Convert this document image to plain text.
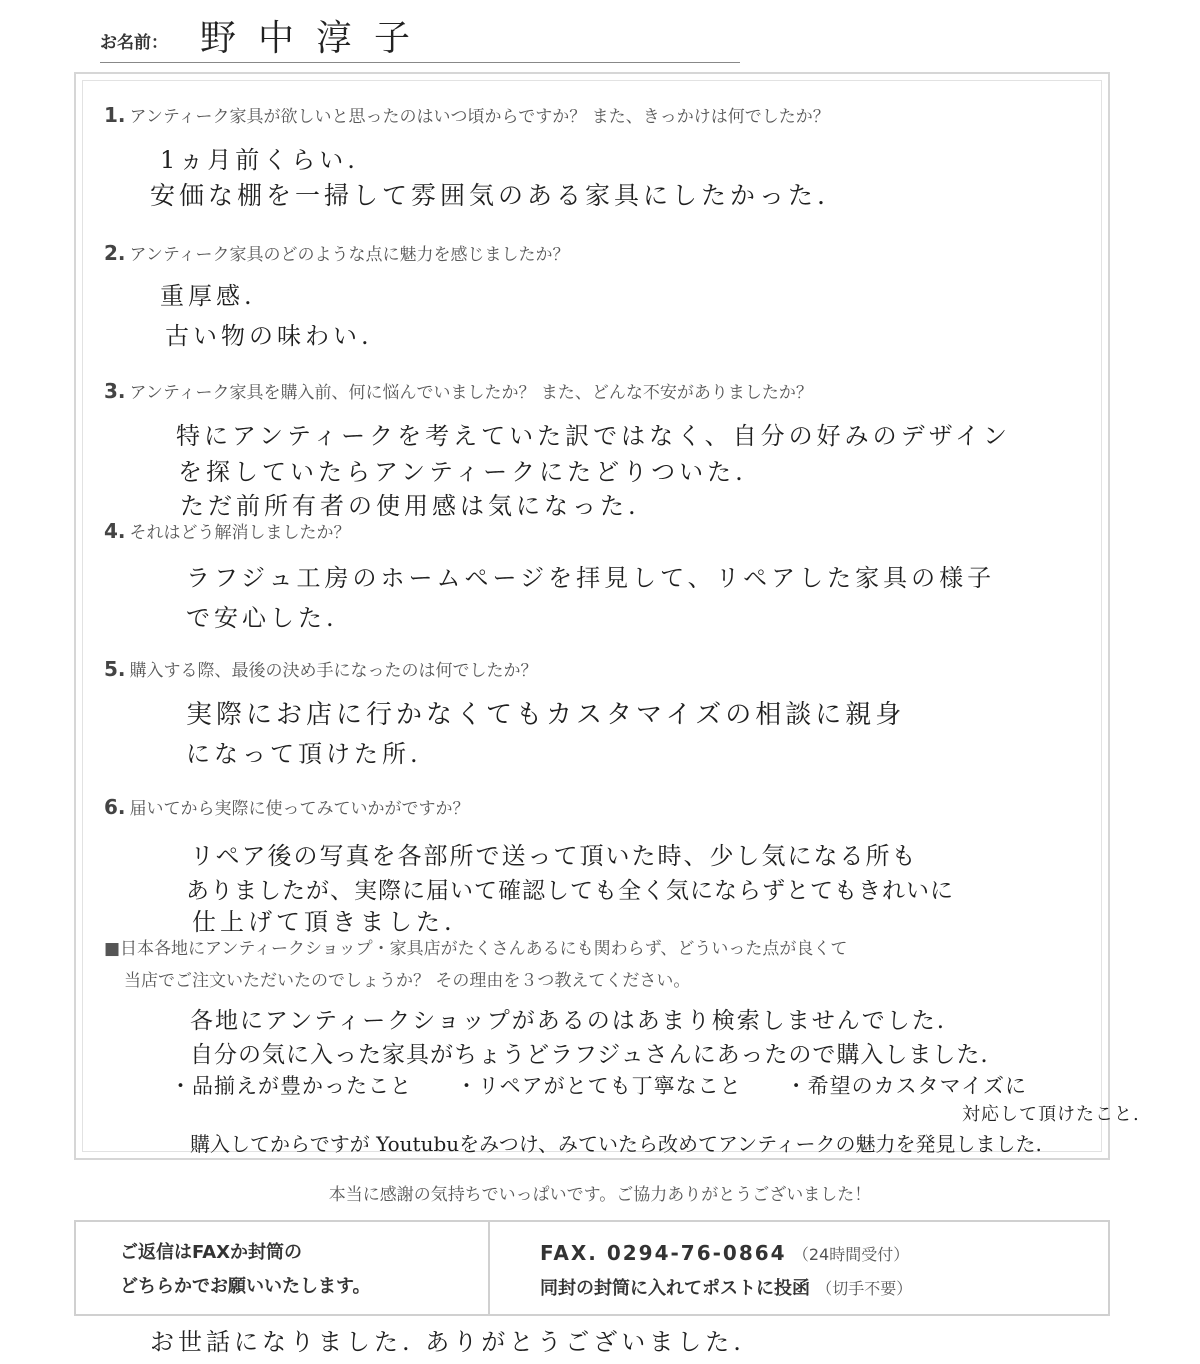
お名前： 野中淳子
1. アンティーク家具が欲しいと思ったのはいつ頃からですか？ また、きっかけは何でしたか？
1ヵ月前くらい.
安価な棚を一掃して雰囲気のある家具にしたかった.
2. アンティーク家具のどのような点に魅力を感じましたか？
重厚感.
古い物の味わい.
3. アンティーク家具を購入前、何に悩んでいましたか？ また、どんな不安がありましたか？
特にアンティークを考えていた訳ではなく、自分の好みのデザイン
を探していたらアンティークにたどりついた.
ただ前所有者の使用感は気になった.
4. それはどう解消しましたか？
ラフジュ工房のホームページを拝見して、リペアした家具の様子
で安心した.
5. 購入する際、最後の決め手になったのは何でしたか？
実際にお店に行かなくてもカスタマイズの相談に親身
になって頂けた所.
6. 届いてから実際に使ってみていかがですか？
リペア後の写真を各部所で送って頂いた時、少し気になる所も
ありましたが、実際に届いて確認しても全く気にならずとてもきれいに
仕上げて頂きました.
■日本各地にアンティークショップ・家具店がたくさんあるにも関わらず、どういった点が良くて
当店でご注文いただいたのでしょうか？ その理由を３つ教えてください。
各地にアンティークショップがあるのはあまり検索しませんでした.
自分の気に入った家具がちょうどラフジュさんにあったので購入しました.
・品揃えが豊かったこと　　・リペアがとても丁寧なこと　　・希望のカスタマイズに
対応して頂けたこと.
購入してからですが Youtubuをみつけ、みていたら改めてアンティークの魅力を発見しました.
本当に感謝の気持ちでいっぱいです。ご協力ありがとうございました！
ご返信はFAXか封筒の
どちらかでお願いいたします。
FAX. 0294-76-0864 （24時間受付）
同封の封筒に入れてポストに投函 （切手不要）
お世話になりました. ありがとうございました.
